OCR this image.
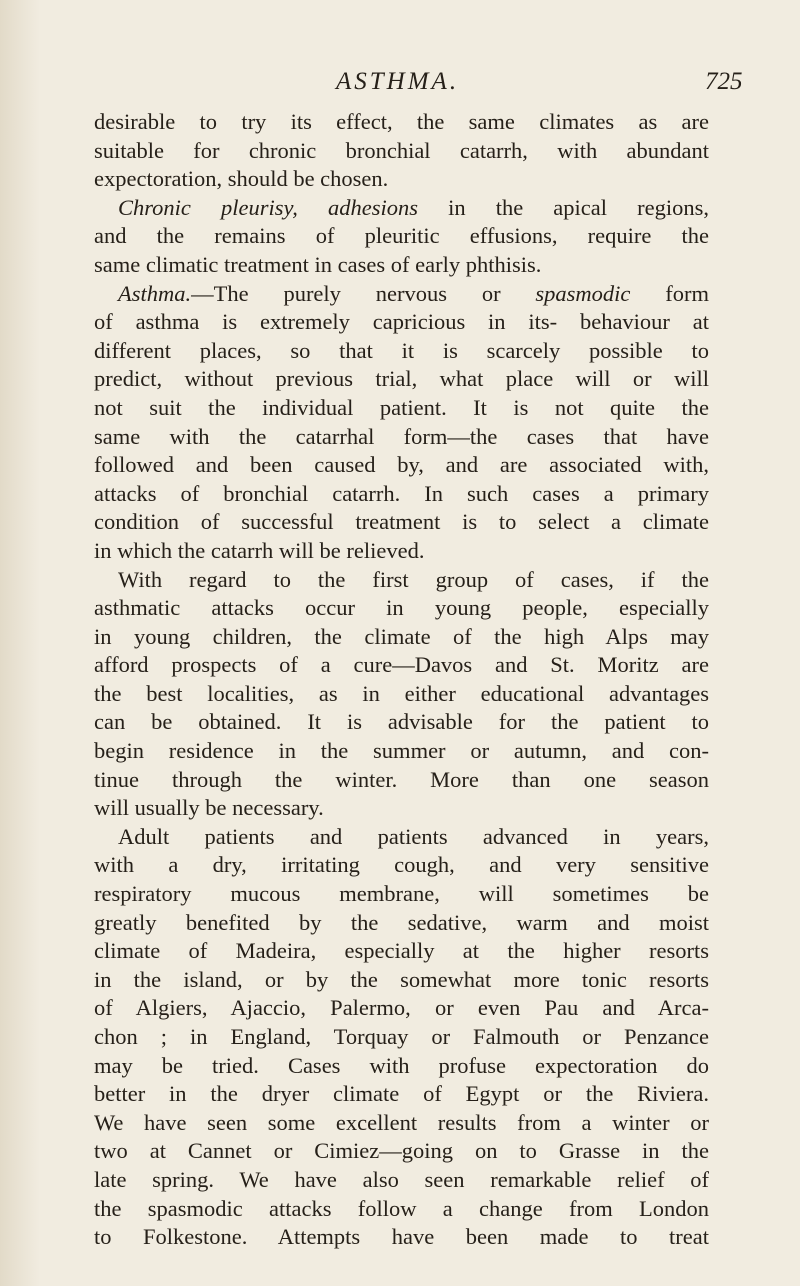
ASTHMA.	725

desirable to try its effect, the same climates as are

suitable for chronic bronchial catarrh, with abundant

expectoration, should be chosen.

Chronic pleurisy, adhesions in the apical regions,

and the remains of pleuritic effusions, require the

same climatic treatment in cases of early phthisis.

Asthma.—The purely nervous or spasmodic form

of asthma is extremely capricious in its- behaviour at

different places, so that it is scarcely possible to

predict, without previous trial, what place will or will

not suit the individual patient. It is not quite the

same with the catarrhal form—the cases that have

followed and been caused by, and are associated with,

attacks of bronchial catarrh. In such cases a primary

condition of successful treatment is to select a climate

in which the catarrh will be relieved.

With regard to the first group of cases, if the

asthmatic attacks occur in young people, especially

in young children, the climate of the high Alps may

afford prospects of a cure—Davos and St. Moritz are

the best localities, as in either educational advantages

can be obtained. It is advisable for the patient to

begin residence in the summer or autumn, and con-

tinue through the winter. More than one season

will usually be necessary.

Adult patients and patients advanced in years,

with a dry, irritating cough, and very sensitive

respiratory mucous membrane, will sometimes be

greatly benefited by the sedative, warm and moist

climate of Madeira, especially at the higher resorts

in the island, or by the somewhat more tonic resorts

of Algiers, Ajaccio, Palermo, or even Pau and Arca-

chon ; in England, Torquay or Falmouth or Penzance

may be tried. Cases with profuse expectoration do

better in the dryer climate of Egypt or the Riviera.

We have seen some excellent results from a winter or

two at Cannet or Cimiez—going on to Grasse in the

late spring. We have also seen remarkable relief of

the spasmodic attacks follow a change from London

to Folkestone. Attempts have been made to treat
